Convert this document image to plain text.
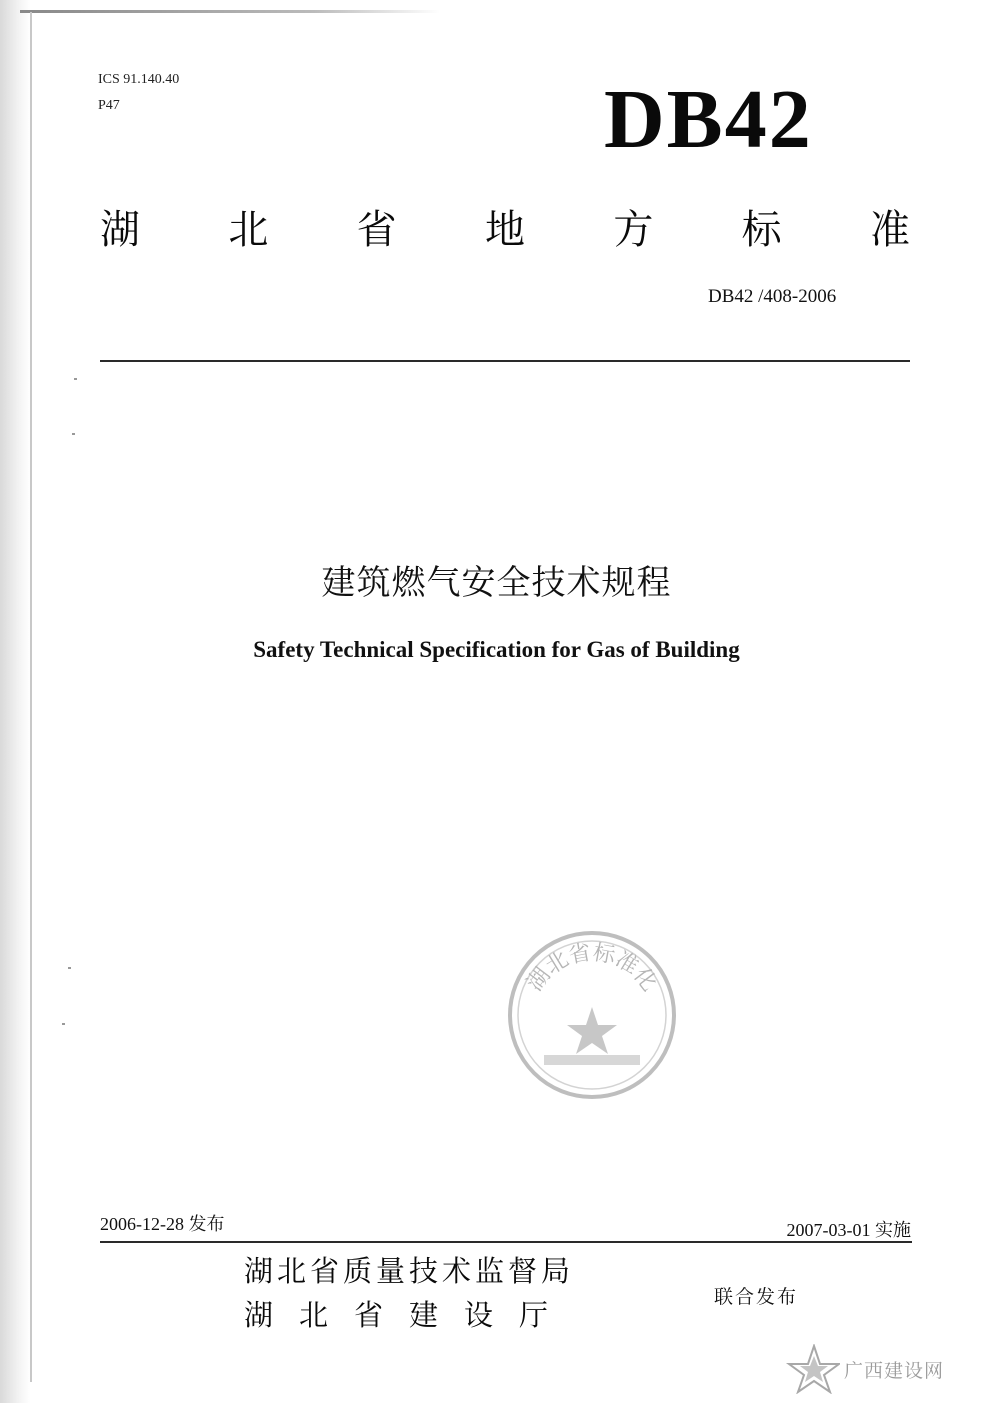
ICS 91.140.40
P47	DB42
湖 北 省 地 方 标 准
DB42 /408-2006
建筑燃气安全技术规程
Safety Technical Specification for Gas of Building
湖北省标准化
2006-12-28 发布	2007-03-01 实施
湖北省质量技术监督局
湖北省建设厅
联合发布
广西建设网
